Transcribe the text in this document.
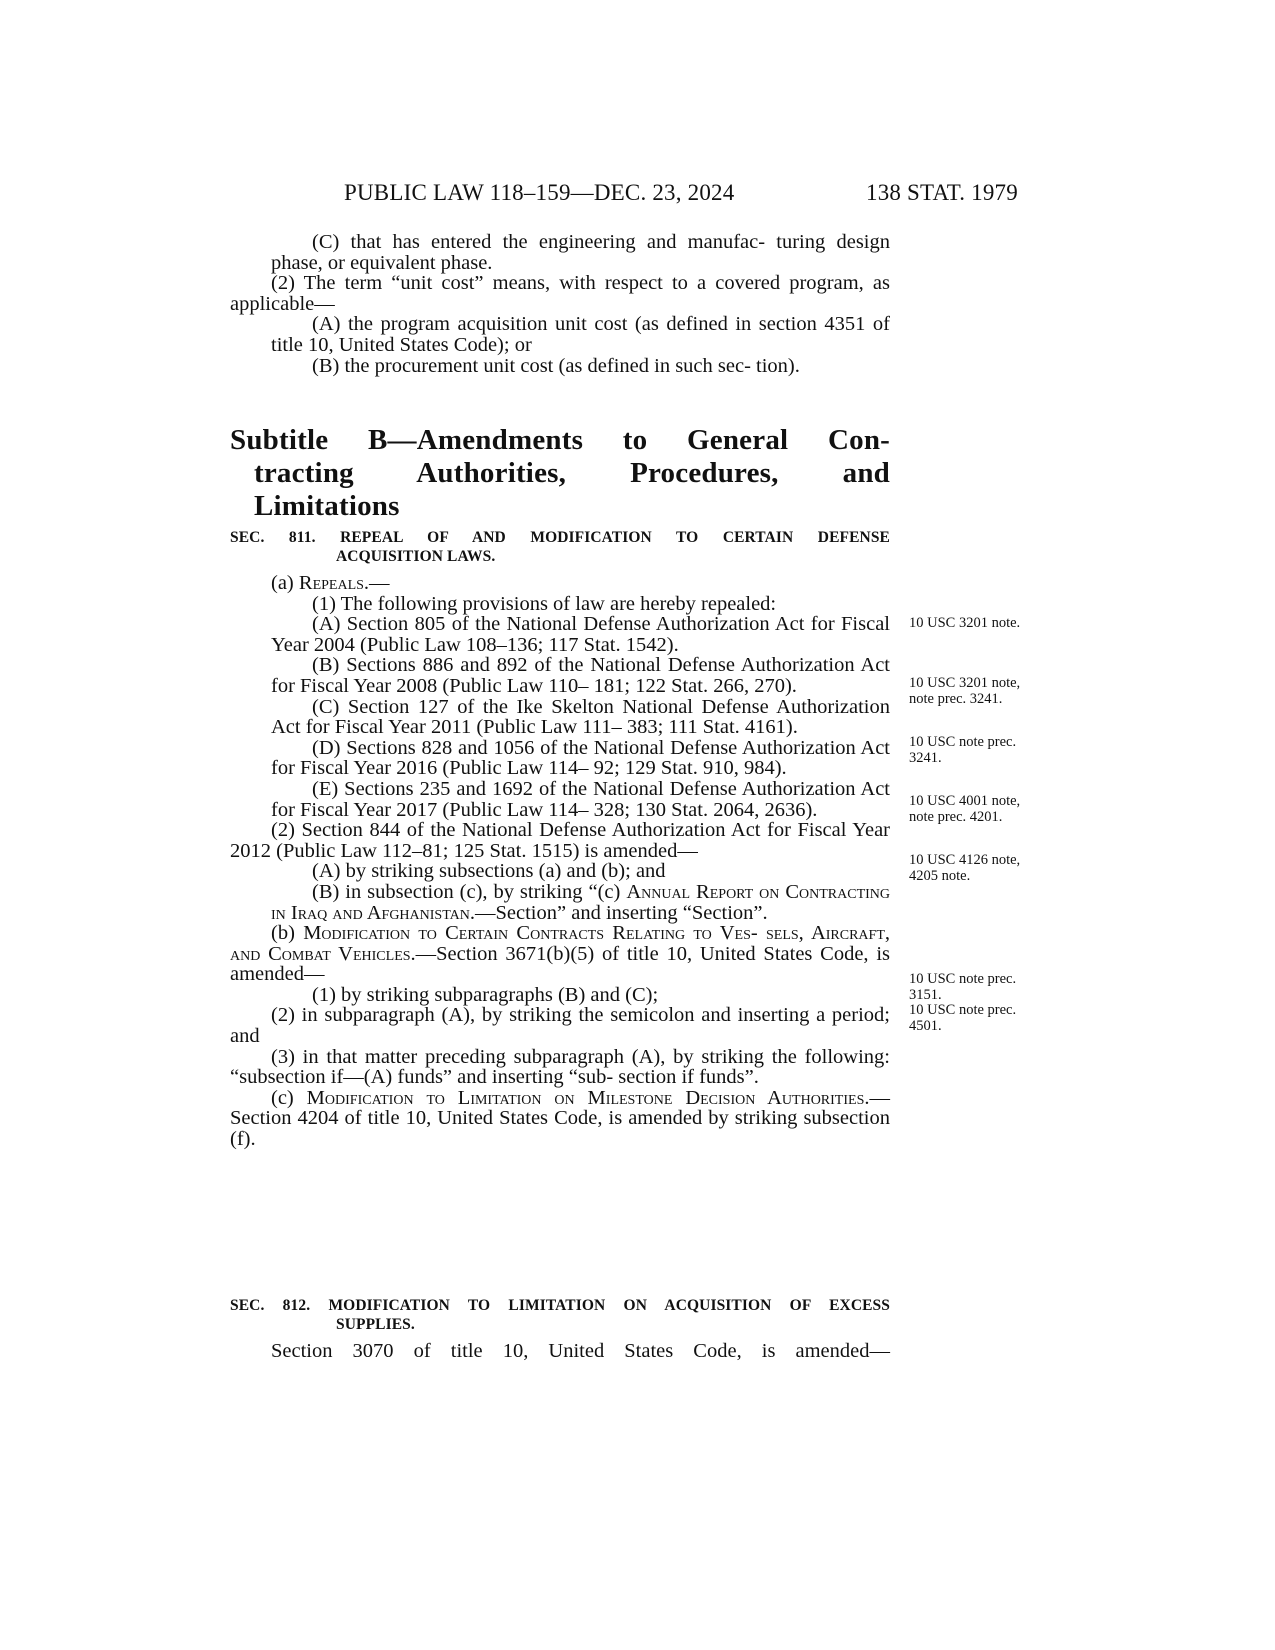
PUBLIC LAW 118–159—DEC. 23, 2024	138 STAT. 1979

(C) that has entered the engineering and manufac- turing design phase, or equivalent phase.

(2) The term “unit cost” means, with respect to a covered program, as applicable—

(A) the program acquisition unit cost (as defined in section 4351 of title 10, United States Code); or

(B) the procurement unit cost (as defined in such sec- tion).

Subtitle B—Amendments to General Con-
tracting Authorities, Procedures, and
Limitations
SEC. 811. REPEAL OF AND MODIFICATION TO CERTAIN DEFENSE
ACQUISITION LAWS.

(a) Repeals.—

(1) The following provisions of law are hereby repealed:

(A) Section 805 of the National Defense Authorization Act for Fiscal Year 2004 (Public Law 108–136; 117 Stat. 1542).

(B) Sections 886 and 892 of the National Defense Authorization Act for Fiscal Year 2008 (Public Law 110– 181; 122 Stat. 266, 270).

(C) Section 127 of the Ike Skelton National Defense Authorization Act for Fiscal Year 2011 (Public Law 111– 383; 111 Stat. 4161).

(D) Sections 828 and 1056 of the National Defense Authorization Act for Fiscal Year 2016 (Public Law 114– 92; 129 Stat. 910, 984).

(E) Sections 235 and 1692 of the National Defense Authorization Act for Fiscal Year 2017 (Public Law 114– 328; 130 Stat. 2064, 2636).

(2) Section 844 of the National Defense Authorization Act for Fiscal Year 2012 (Public Law 112–81; 125 Stat. 1515) is amended—

(A) by striking subsections (a) and (b); and

(B) in subsection (c), by striking “(c) Annual Report on Contracting in Iraq and Afghanistan.—Section” and inserting “Section”.

(b) Modification to Certain Contracts Relating to Ves- sels, Aircraft, and Combat Vehicles.—Section 3671(b)(5) of title 10, United States Code, is amended—

(1) by striking subparagraphs (B) and (C);

(2) in subparagraph (A), by striking the semicolon and inserting a period; and

(3) in that matter preceding subparagraph (A), by striking the following: “subsection if—(A) funds” and inserting “sub- section if funds”.

(c) Modification to Limitation on Milestone Decision Authorities.—Section 4204 of title 10, United States Code, is amended by striking subsection (f).

SEC. 812. MODIFICATION TO LIMITATION ON ACQUISITION OF EXCESS
SUPPLIES.

Section 3070 of title 10, United States Code, is amended—

10 USC 3201 note.
10 USC 3201 note, note prec. 3241.
10 USC note prec. 3241.
10 USC 4001 note, note prec. 4201.
10 USC 4126 note, 4205 note.
10 USC note prec. 3151.
10 USC note prec. 4501.
